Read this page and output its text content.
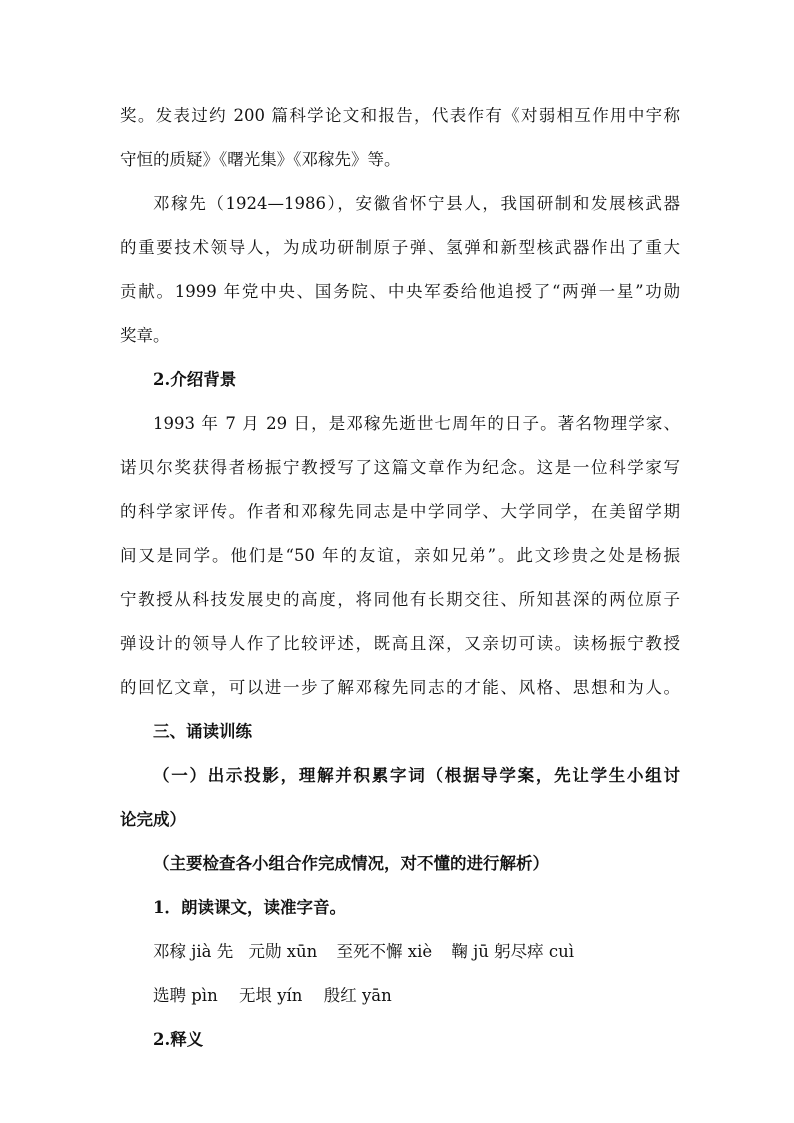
奖。发表过约 200 篇科学论文和报告，代表作有《对弱相互作用中宇称
守恒的质疑》《曙光集》《邓稼先》等。
邓稼先（1924—1986），安徽省怀宁县人，我国研制和发展核武器
的重要技术领导人，为成功研制原子弹、氢弹和新型核武器作出了重大
贡献。1999 年党中央、国务院、中央军委给他追授了“两弹一星”功勋
奖章。
2.介绍背景
1993 年 7 月 29 日，是邓稼先逝世七周年的日子。著名物理学家、
诺贝尔奖获得者杨振宁教授写了这篇文章作为纪念。这是一位科学家写
的科学家评传。作者和邓稼先同志是中学同学、大学同学，在美留学期
间又是同学。他们是“50 年的友谊，亲如兄弟”。此文珍贵之处是杨振
宁教授从科技发展史的高度，将同他有长期交往、所知甚深的两位原子
弹设计的领导人作了比较评述，既高且深，又亲切可读。读杨振宁教授
的回忆文章，可以进一步了解邓稼先同志的才能、风格、思想和为人。
三、诵读训练
（一）出示投影，理解并积累字词（根据导学案，先让学生小组讨
论完成）
（主要检查各小组合作完成情况，对不懂的进行解析）
1．朗读课文，读准字音。
邓稼 jià 先 元勋 xūn 至死不懈 xiè 鞠 jū 躬尽瘁 cuì
选聘 pìn 无垠 yín 殷红 yān
2.释义
